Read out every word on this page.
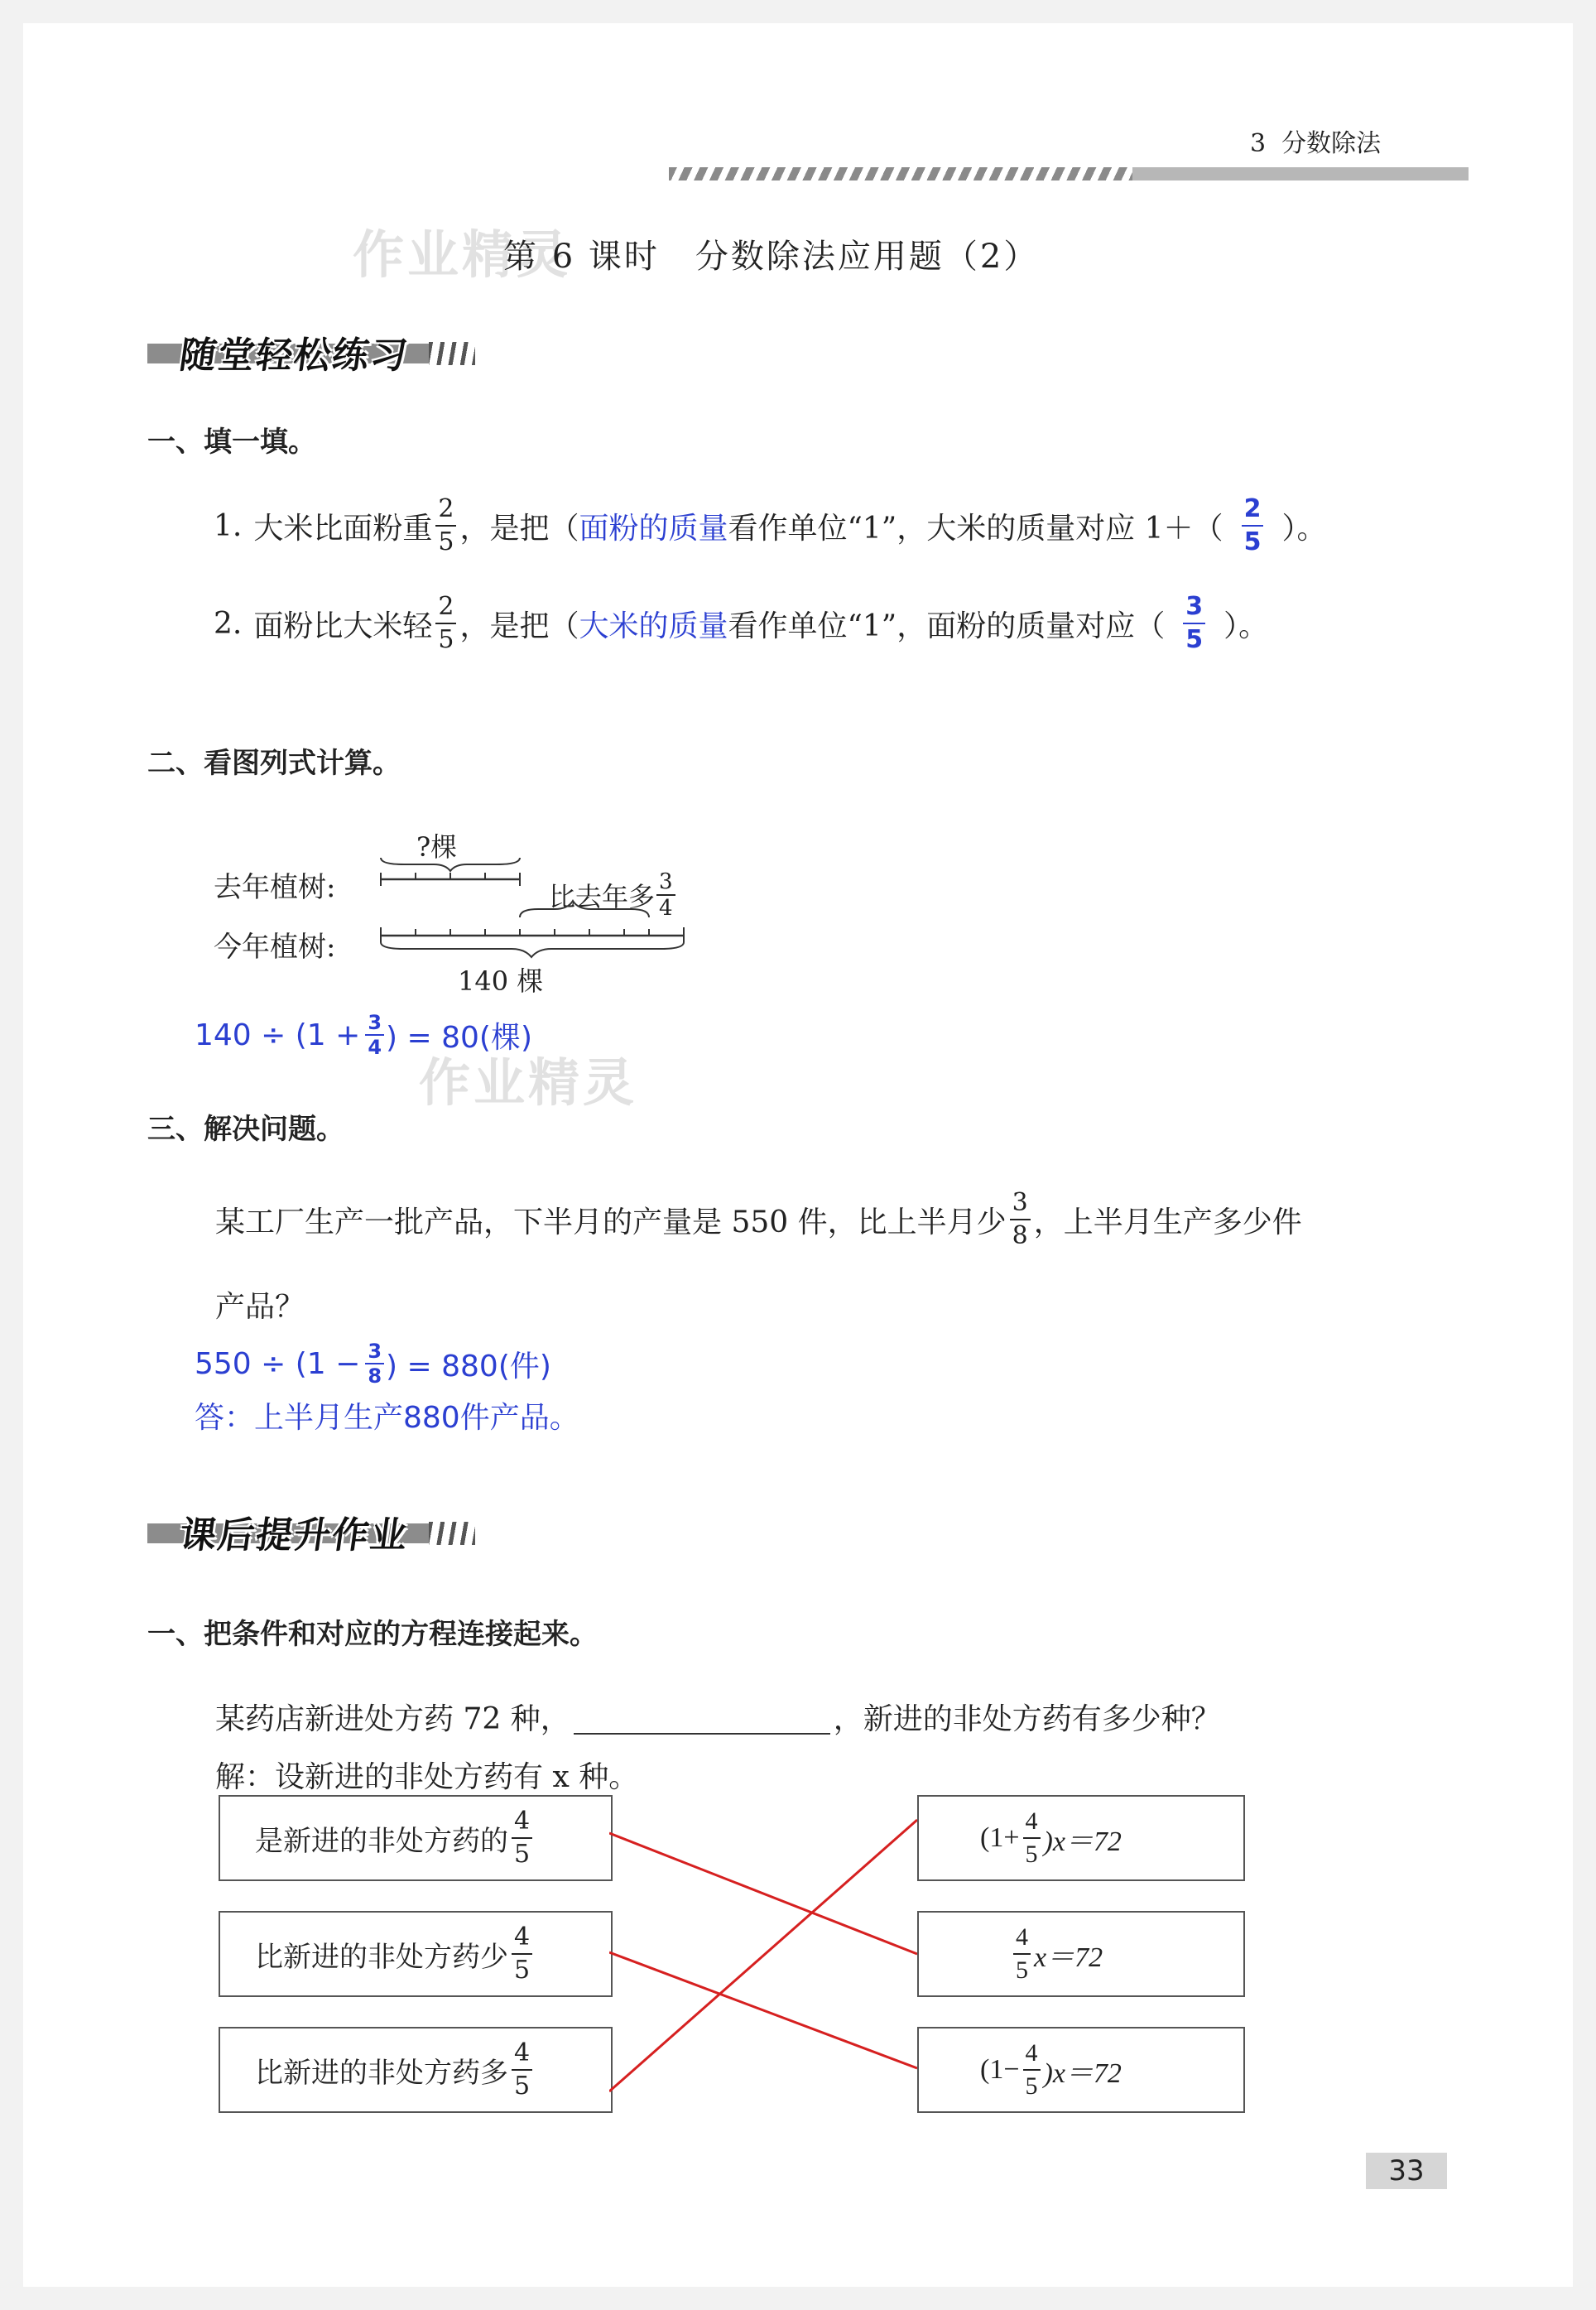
3 分数除法
作业精灵
第 6 课时　分数除法应用题（2）
随堂轻松练习
一、填一填。
1. 大米比面粉重 $\frac{2}{5}$ ，是把（ 面粉的质量 看作单位“1”，大米的质量对应 $1+( \frac{2}{5}$ ）。
2. 面粉比大米轻 $\frac{2}{5}$ ，是把（ 大米的质量 看作单位“1”，面粉的质量对应（ $\frac{3}{5}$ ）。
二、看图列式计算。
去年植树:
今年植树:
?棵
比去年多 $\frac{3}{4}$
140 棵
$140 \div (1 + \frac{3}{4}$ ) = 80(棵)
作业精灵
三、解决问题。
某工厂生产一批产品，下半月的产量是 550 件，比上半月少 $\frac{3}{8}$ ，上半月生产多少件
产品？
$550 \div (1 - \frac{3}{8}$ ) = 880(件)
答：上半月生产880件产品。
课后提升作业
一、把条件和对应的方程连接起来。
某药店新进处方药 72 种，	，新进的非处方药有多少种？
解：设新进的非处方药有 x 种。
是新进的非处方药的 $\frac{4}{5}$
比新进的非处方药少 $\frac{4}{5}$
比新进的非处方药多 $\frac{4}{5}$
$(1+ \frac{4}{5} )x=72$
$\frac{4}{5} x=72$
$(1- \frac{4}{5} )x=72$
33
